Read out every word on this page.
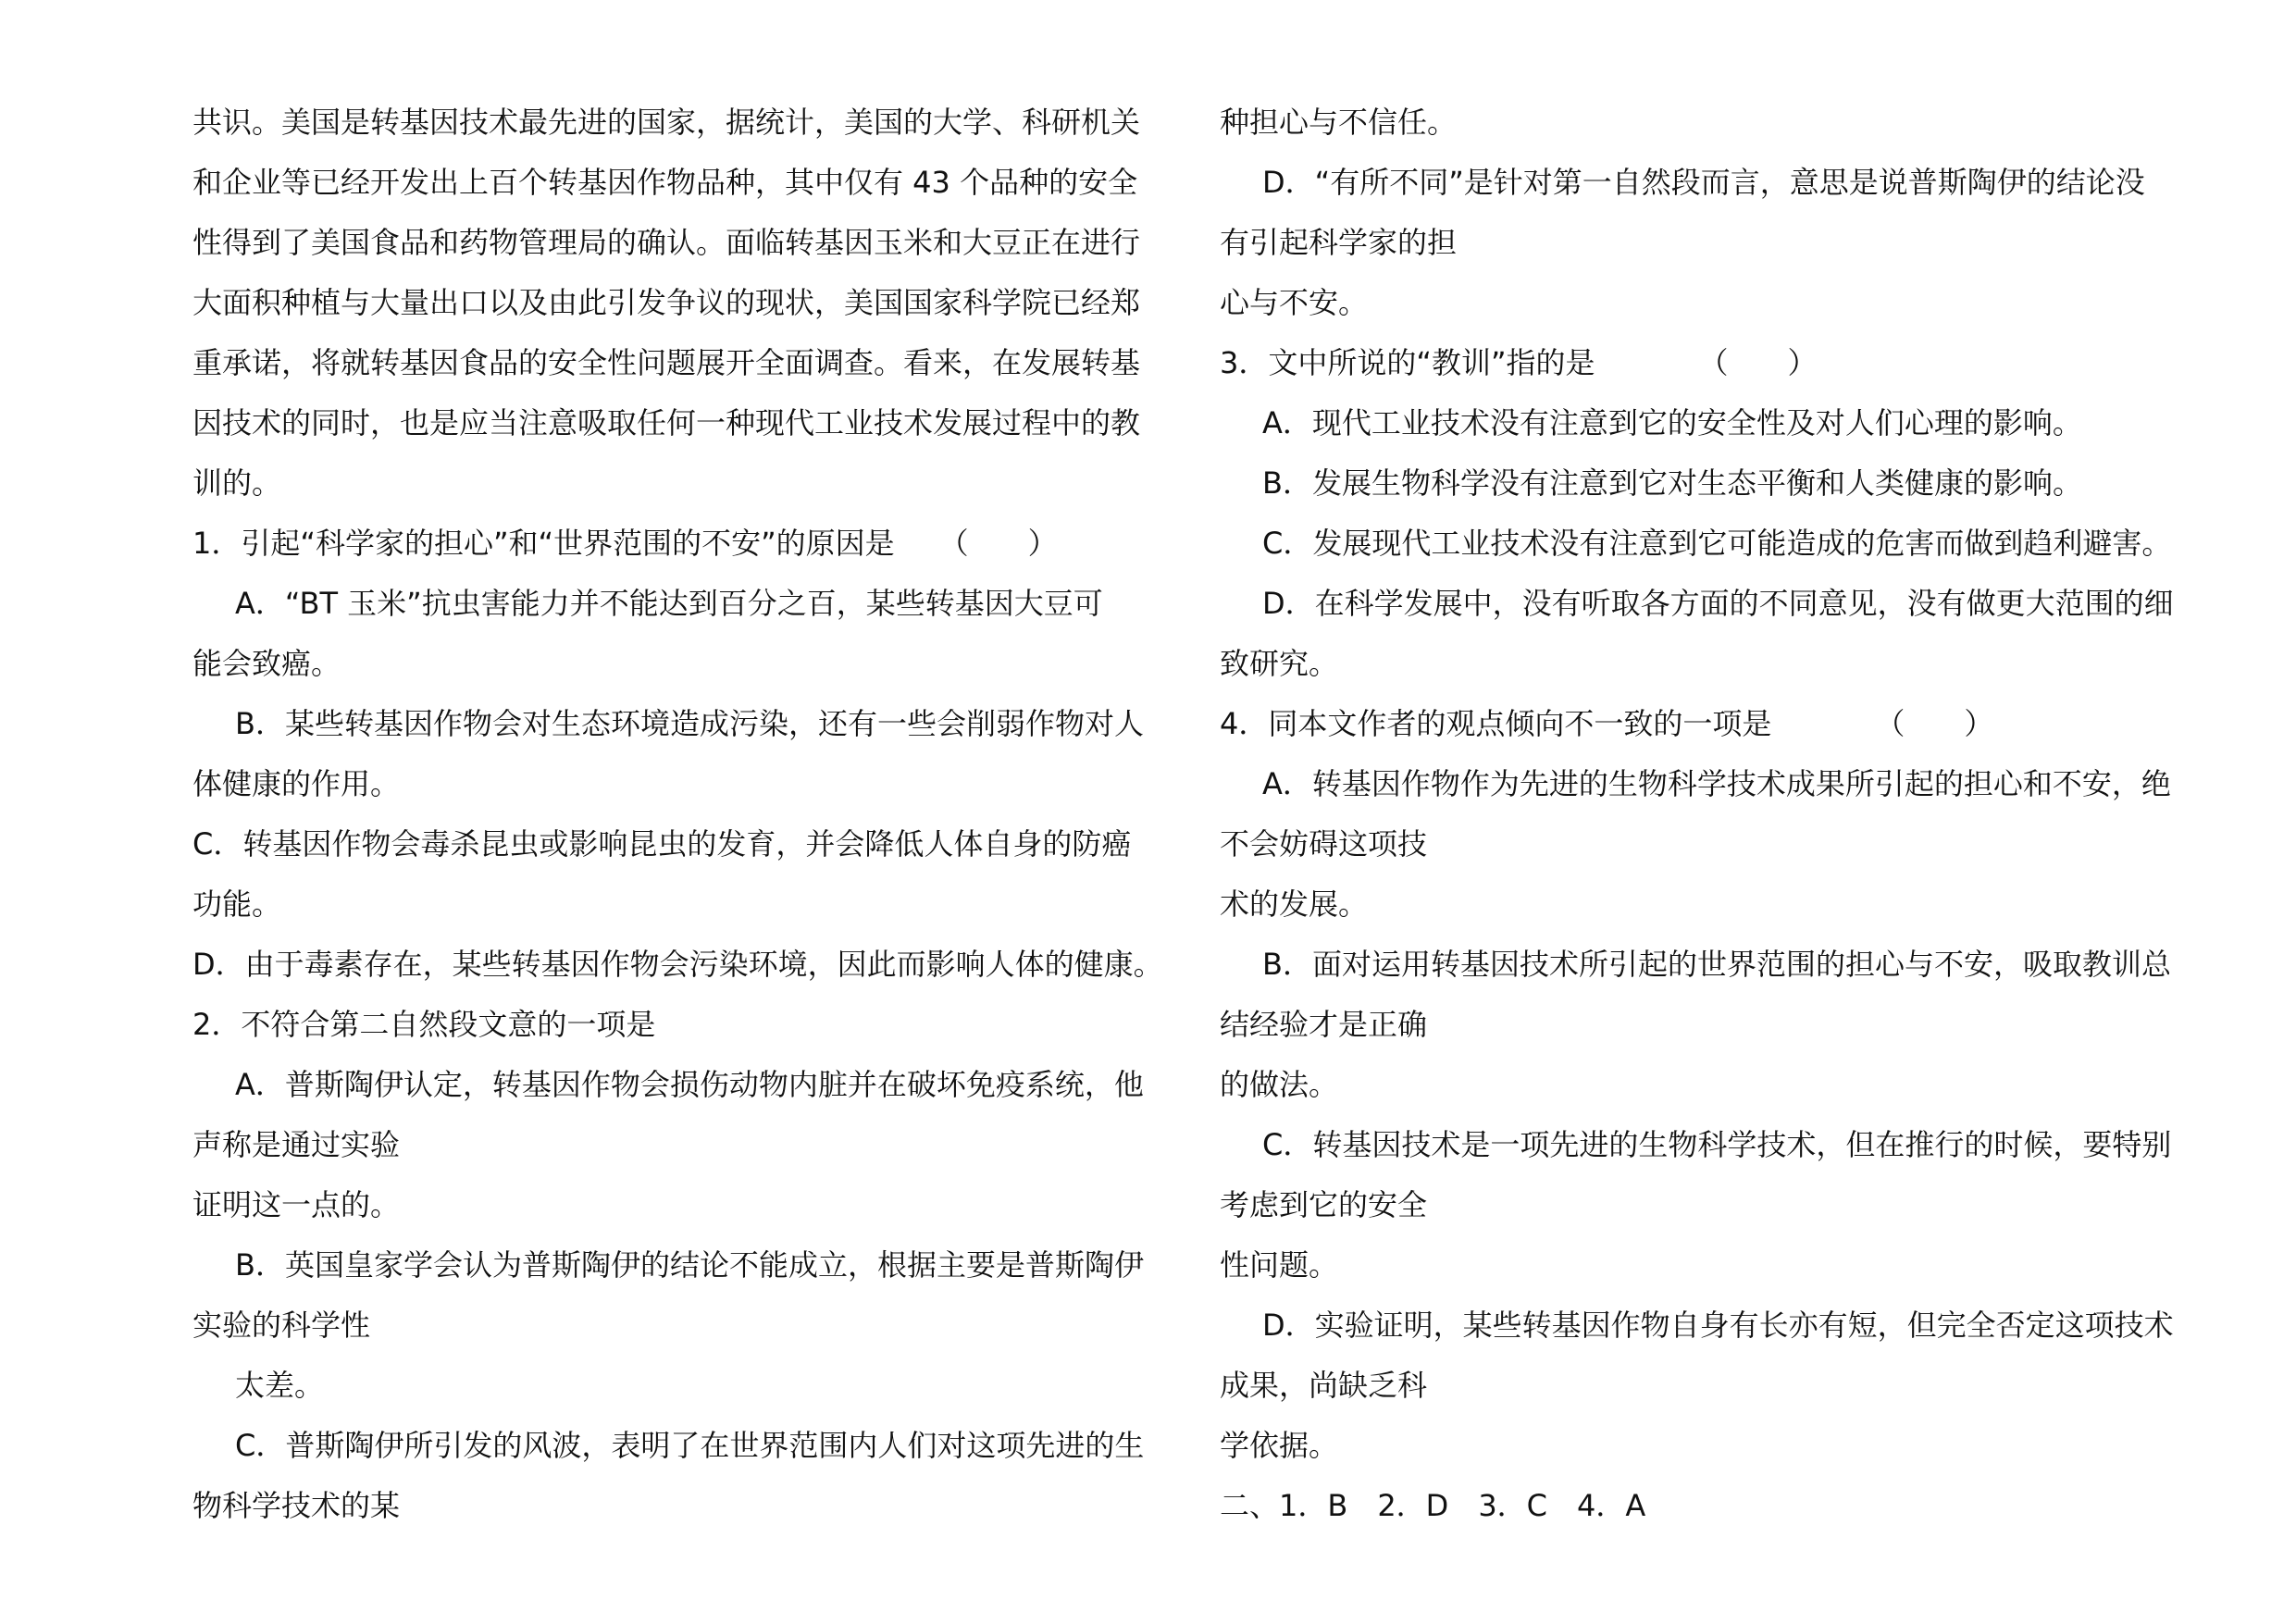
共识。美国是转基因技术最先进的国家，据统计，美国的大学、科研机关
和企业等已经开发出上百个转基因作物品种，其中仅有 43 个品种的安全
性得到了美国食品和药物管理局的确认。面临转基因玉米和大豆正在进行
大面积种植与大量出口以及由此引发争议的现状，美国国家科学院已经郑
重承诺，将就转基因食品的安全性问题展开全面调查。看来，在发展转基
因技术的同时，也是应当注意吸取任何一种现代工业技术发展过程中的教
训的。
1．引起“科学家的担心”和“世界范围的不安”的原因是　　（　　）
A．“BT 玉米”抗虫害能力并不能达到百分之百，某些转基因大豆可
能会致癌。
B．某些转基因作物会对生态环境造成污染，还有一些会削弱作物对人
体健康的作用。
C．转基因作物会毒杀昆虫或影响昆虫的发育，并会降低人体自身的防癌
功能。
D．由于毒素存在，某些转基因作物会污染环境，因此而影响人体的健康。
2．不符合第二自然段文意的一项是
A．普斯陶伊认定，转基因作物会损伤动物内脏并在破坏免疫系统，他
声称是通过实验
证明这一点的。
B．英国皇家学会认为普斯陶伊的结论不能成立，根据主要是普斯陶伊
实验的科学性
太差。
C．普斯陶伊所引发的风波，表明了在世界范围内人们对这项先进的生
物科学技术的某
种担心与不信任。
D．“有所不同”是针对第一自然段而言，意思是说普斯陶伊的结论没
有引起科学家的担
心与不安。
3．文中所说的“教训”指的是　　　　（　　）
A．现代工业技术没有注意到它的安全性及对人们心理的影响。
B．发展生物科学没有注意到它对生态平衡和人类健康的影响。
C．发展现代工业技术没有注意到它可能造成的危害而做到趋利避害。
D．在科学发展中，没有听取各方面的不同意见，没有做更大范围的细
致研究。
4．同本文作者的观点倾向不一致的一项是　　　　（　　）
A．转基因作物作为先进的生物科学技术成果所引起的担心和不安，绝
不会妨碍这项技
术的发展。
B．面对运用转基因技术所引起的世界范围的担心与不安，吸取教训总
结经验才是正确
的做法。
C．转基因技术是一项先进的生物科学技术，但在推行的时候，要特别
考虑到它的安全
性问题。
D．实验证明，某些转基因作物自身有长亦有短，但完全否定这项技术
成果，尚缺乏科
学依据。
二、1．B　2．D　3．C　4．A
